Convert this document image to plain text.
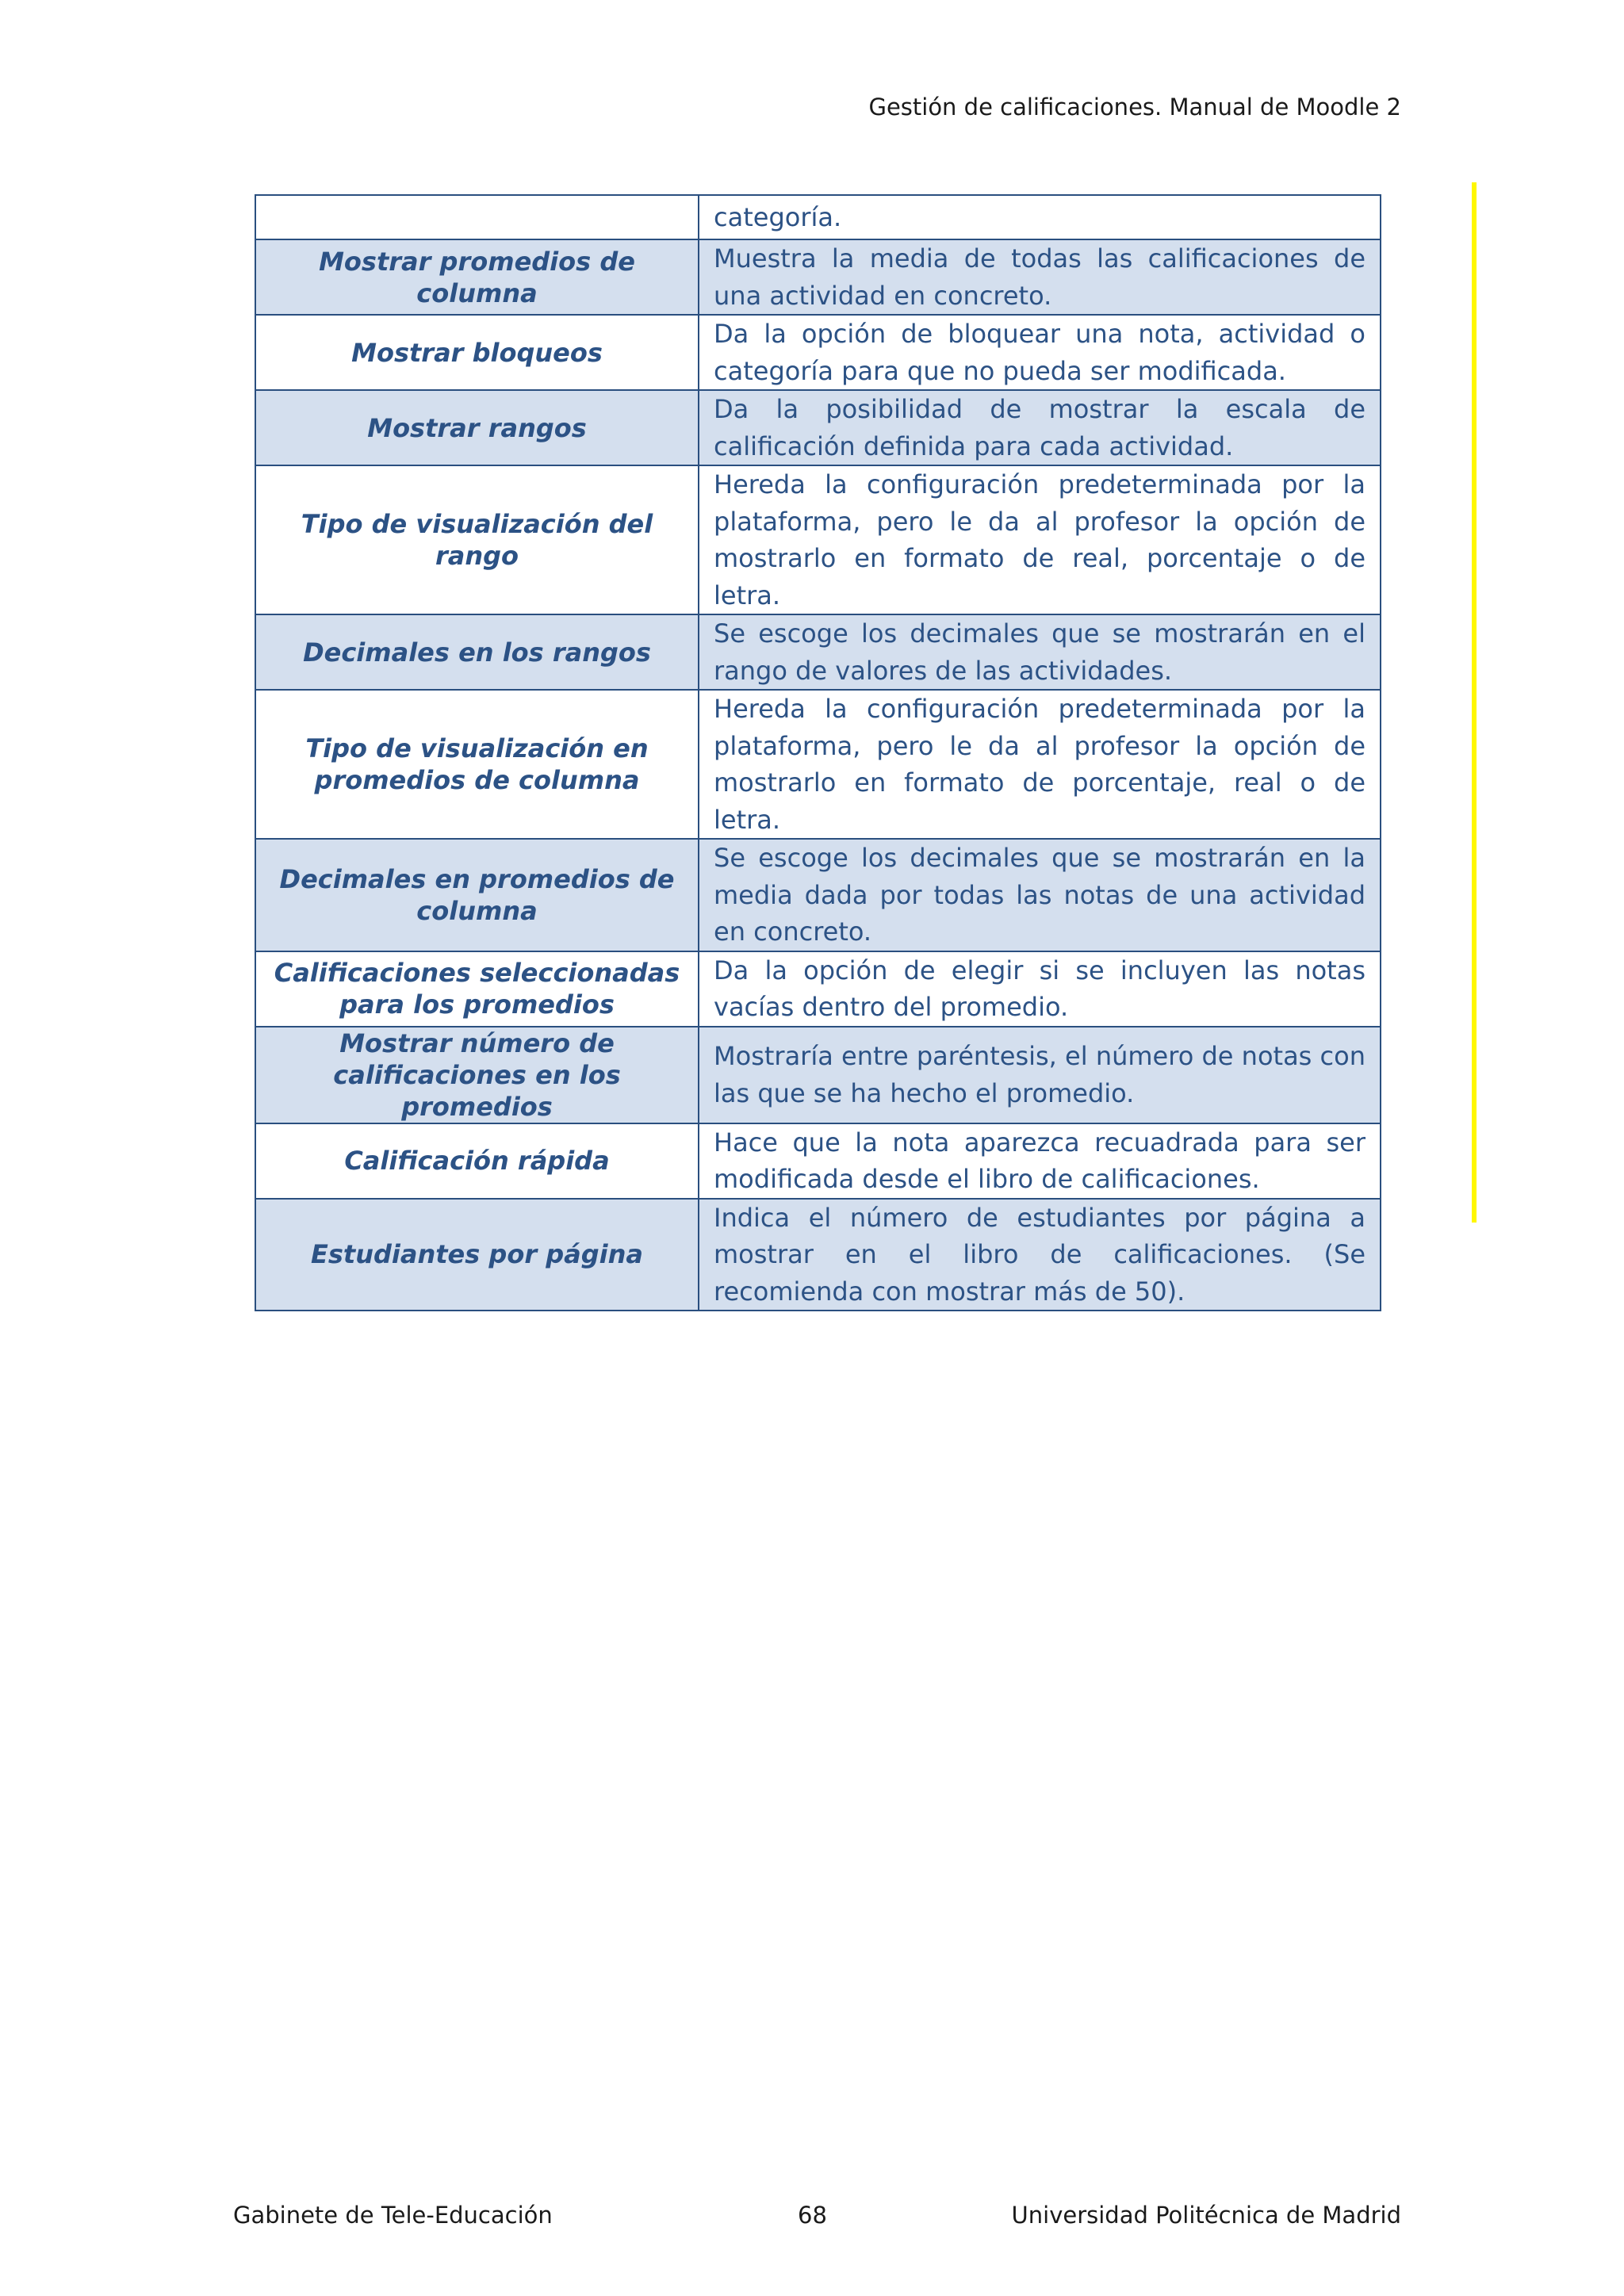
Gestión de calificaciones. Manual de Moodle 2
	categoría.
Mostrar promedios de columna	Muestra la media de todas las calificaciones de una actividad en concreto.
Mostrar bloqueos	Da la opción de bloquear una nota, actividad o categoría para que no pueda ser modificada.
Mostrar rangos	Da la posibilidad de mostrar la escala de calificación definida para cada actividad.
Tipo de visualización del rango	Hereda la configuración predeterminada por la plataforma, pero le da al profesor la opción de mostrarlo en formato de real, porcentaje o de letra.
Decimales en los rangos	Se escoge los decimales que se mostrarán en el rango de valores de las actividades.
Tipo de visualización en promedios de columna	Hereda la configuración predeterminada por la plataforma, pero le da al profesor la opción de mostrarlo en formato de porcentaje, real o de letra.
Decimales en promedios de columna	Se escoge los decimales que se mostrarán en la media dada por todas las notas de una actividad en concreto.
Calificaciones seleccionadas para los promedios	Da la opción de elegir si se incluyen las notas vacías dentro del promedio.
Mostrar número de calificaciones en los promedios	Mostraría entre paréntesis, el número de notas con las que se ha hecho el promedio.
Calificación rápida	Hace que la nota aparezca recuadrada para ser modificada desde el libro de calificaciones.
Estudiantes por página	Indica el número de estudiantes por página a mostrar en el libro de calificaciones. (Se recomienda con mostrar más de 50).
Gabinete de Tele-Educación	68	Universidad Politécnica de Madrid
